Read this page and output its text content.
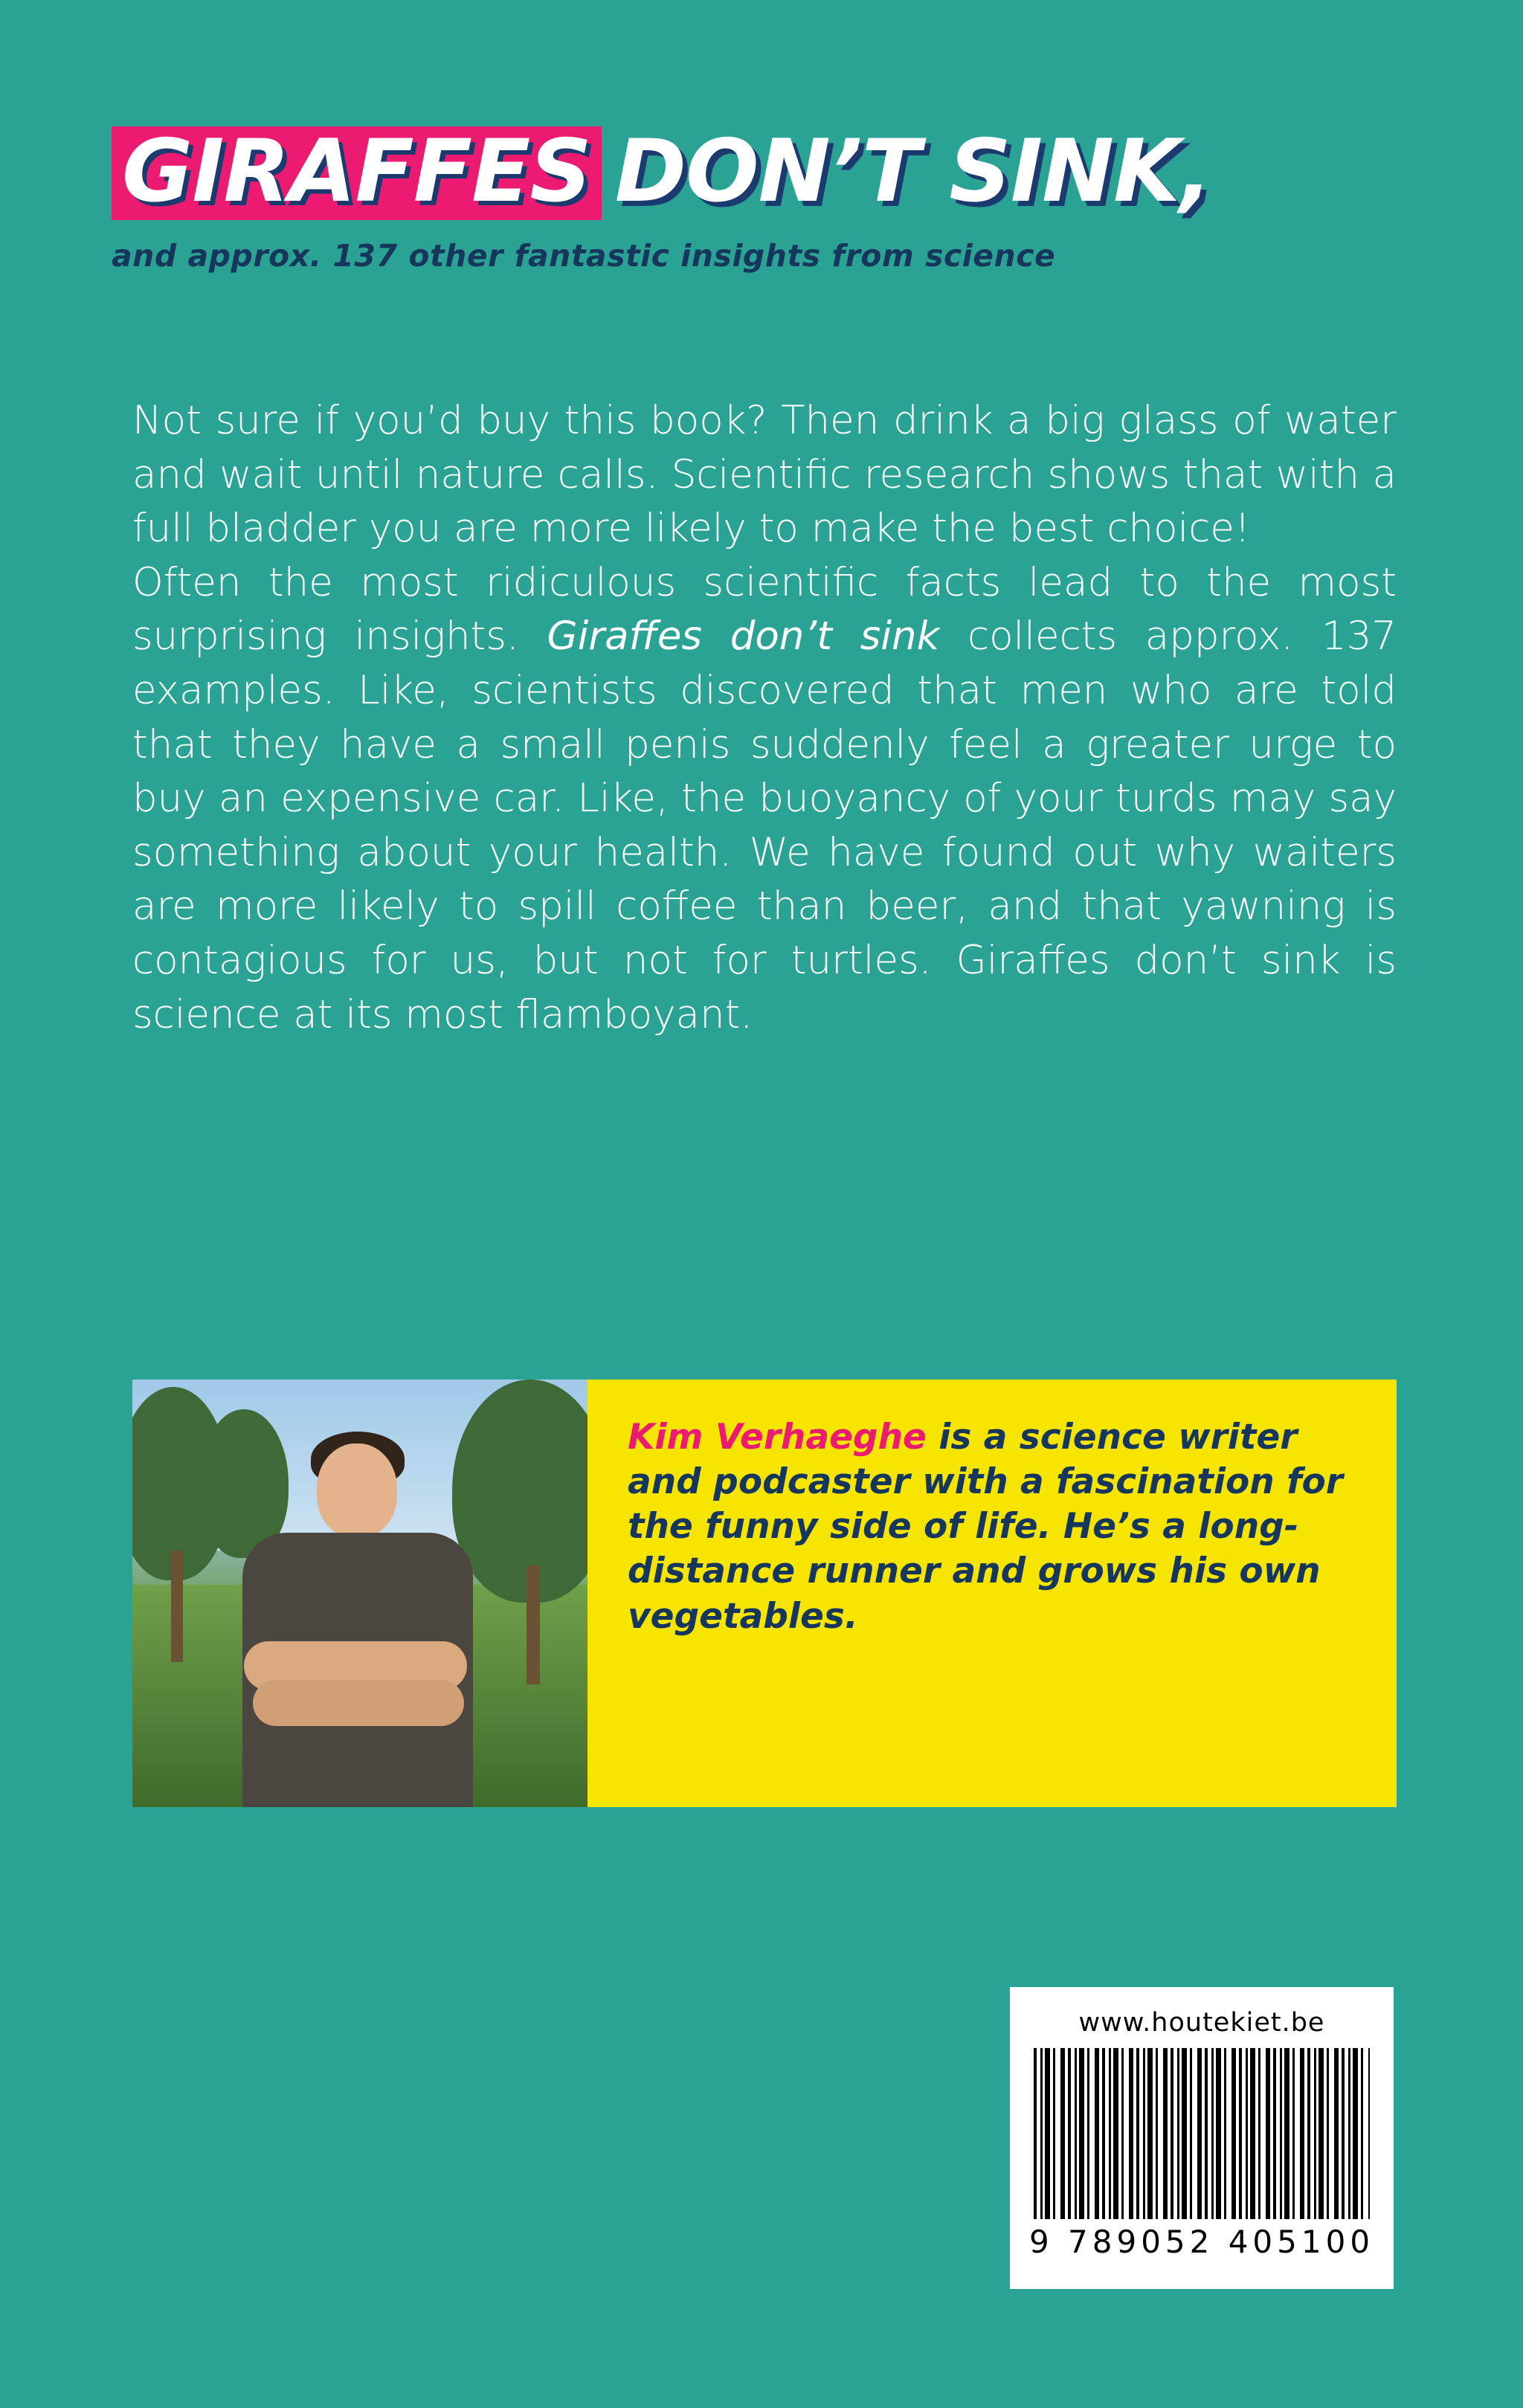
GIRAFFES DON’T SINK,
and approx. 137 other fantastic insights from science

Not sure if you’d buy this book? Then drink a big glass of water and wait until nature calls. Scientific research shows that with a full bladder you are more likely to make the best choice!

Often the most ridiculous scientific facts lead to the most surprising insights. Giraffes don’t sink collects approx. 137 examples. Like, scientists discovered that men who are told that they have a small penis suddenly feel a greater urge to buy an expensive car. Like, the buoyancy of your turds may say something about your health. We have found out why waiters are more likely to spill coffee than beer, and that yawning is contagious for us, but not for turtles. Giraffes don’t sink is science at its most flamboyant.

Kim Verhaeghe is a science writer and podcaster with a fascination for the funny side of life. He’s a long-distance runner and grows his own vegetables.
www.houtekiet.be
9 789052 405100
